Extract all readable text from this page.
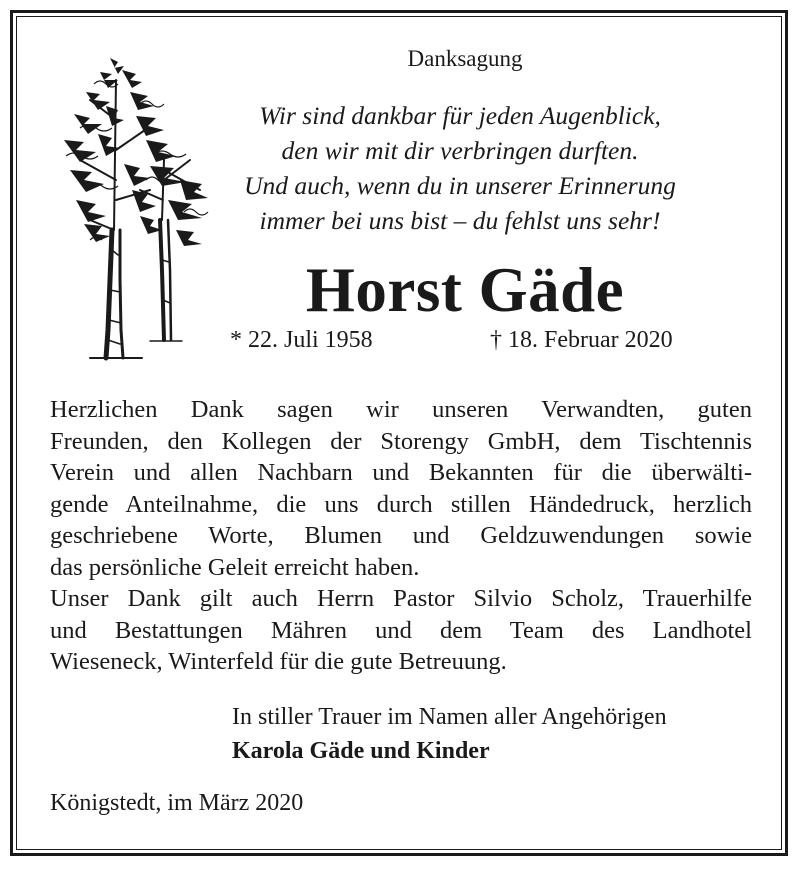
Danksagung
Wir sind dankbar für jeden Augenblick,
den wir mit dir verbringen durften.
Und auch, wenn du in unserer Erinnerung
immer bei uns bist – du fehlst uns sehr!
Horst Gäde
* 22. Juli 1958	† 18. Februar 2020
Herzlichen Dank sagen wir unseren Verwandten, guten
Freunden, den Kollegen der Storengy GmbH, dem Tischtennis
Verein und allen Nachbarn und Bekannten für die überwälti-
gende Anteilnahme, die uns durch stillen Händedruck, herzlich
geschriebene Worte, Blumen und Geldzuwendungen sowie
das persönliche Geleit erreicht haben.
Unser Dank gilt auch Herrn Pastor Silvio Scholz, Trauerhilfe
und Bestattungen Mähren und dem Team des Landhotel
Wieseneck, Winterfeld für die gute Betreuung.
In stiller Trauer im Namen aller Angehörigen
Karola Gäde und Kinder
Königstedt, im März 2020
